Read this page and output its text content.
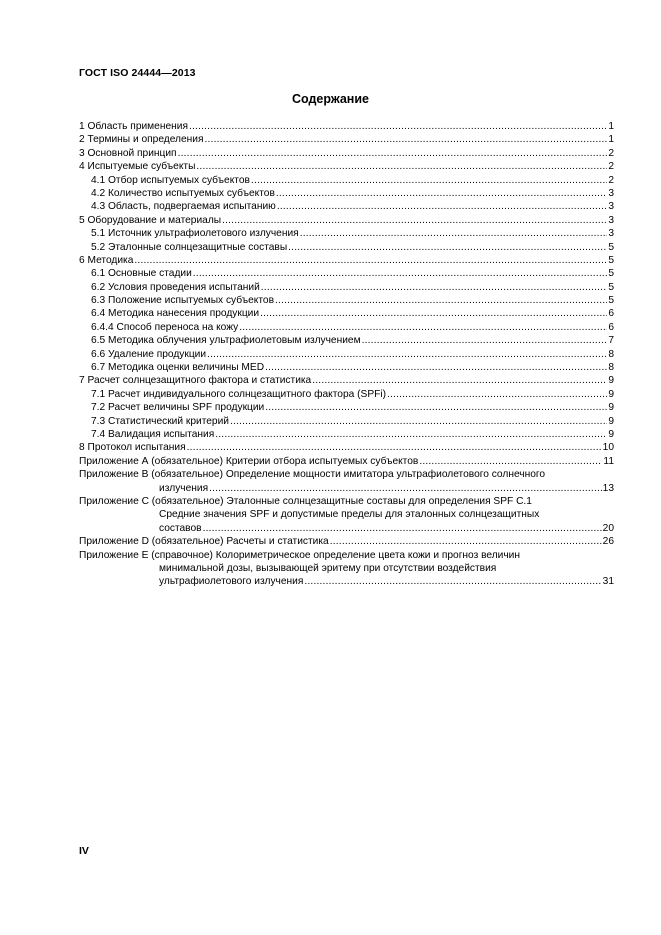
ГОСТ ISO 24444—2013
Содержание
1 Область применения .....	1
2 Термины и определения .....	1
3 Основной принцип .....	2
4 Испытуемые субъекты .....	2
4.1 Отбор испытуемых субъектов .....	2
4.2 Количество испытуемых субъектов .....	3
4.3 Область, подвергаемая испытанию .....	3
5 Оборудование и материалы .....	3
5.1 Источник ультрафиолетового излучения .....	3
5.2 Эталонные солнцезащитные составы .....	5
6 Методика .....	5
6.1 Основные стадии .....	5
6.2 Условия проведения испытаний .....	5
6.3 Положение испытуемых субъектов .....	5
6.4 Методика нанесения продукции .....	6
6.4.4 Способ переноса на кожу .....	6
6.5 Методика облучения ультрафиолетовым излучением .....	7
6.6 Удаление продукции .....	8
6.7 Методика оценки величины MED .....	8
7 Расчет солнцезащитного фактора и статистика .....	9
7.1 Расчет индивидуального солнцезащитного фактора (SPFi) .....	9
7.2 Расчет величины SPF продукции .....	9
7.3 Статистический критерий .....	9
7.4 Валидация испытания .....	9
8 Протокол испытания .....	10
Приложение А (обязательное) Критерии отбора испытуемых субъектов .....	11
Приложение В (обязательное) Определение мощности имитатора ультрафиолетового солнечного
излучения .....	13
Приложение С (обязательное) Эталонные солнцезащитные составы для определения SPF С.1
Средние значения SPF и допустимые пределы для эталонных солнцезащитных
составов .....	20
Приложение D (обязательное) Расчеты и статистика .....	26
Приложение Е (справочное) Колориметрическое определение цвета кожи и прогноз величин
минимальной дозы, вызывающей эритему при отсутствии воздействия
ультрафиолетового излучения .....	31
IV
